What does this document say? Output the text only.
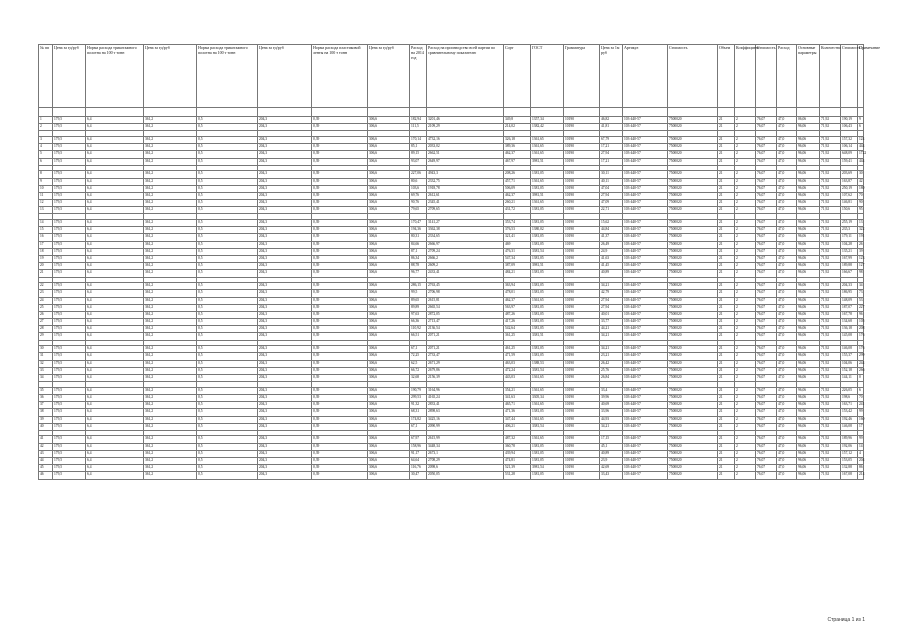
№ пп	Цена за ед/руб	Норма расхода трикотажного полотна на 100 т тонн	Цена за ед/руб	Норма расхода трикотажного полотна на 100 т тонн	Цена за ед/руб	Норма расхода пластиковой ленты на 100 т тонн	Цена за ед/руб	Расход на 2014 год	Расход на производство всей партии по сравнительному показателю	Сорт	ГОСТ	Грамматура	Цена за 1м руб	Артикул	Стоимость	Объем	Коэффициент	Стоимость	Расход	Основные параметры	Количество	Стоимость	Примечание

1	179,5	6,4	361,2	0,5	204,3	0,39	306,6	182,94	3201,46	349,8	1357,34	10190	46,82	103-440-57	7500020	21	2	76,07	47,0	06,06	71,92	190,19	9
2	179,5	6,4	361,2	0,5	204,3	0,39	306,6	111,5	2109,29	214,02	1382,42	10190	41,81	103-440-57	7500020	21	2	76,07	47,0	96,06	71,92	106,43	6

3	179,5	6,4	361,2	0,5	204,3	0,39	306,6	170,14	4732,16	326,18	1361,65	10190	67,79	103-440-57	7500020	21	2	76,07	47,0	96,06	71,92	157,32	124
4	179,5	6,4	361,2	0,5	204,3	0,39	306,6	85,1	2033,02	389,36	1361,65	10190	17,21	103-440-57	7500020	21	2	76,07	47,0	96,06	71,92	106,14	444
5	179,5	6,4	361,2	0,5	204,3	0,39	306,6	89,15	2662,51	462,37	1361,65	10190	27,94	103-440-57	7500020	21	2	76,07	47,0	96,06	71,92	648,09	1722
6	179,5	6,4	361,2	0,5	204,3	0,39	306,6	93,07	2649,97	467,97	3981,51	10190	17,21	103-440-57	7500020	21	2	76,07	47,0	96,06	71,92	159,41	444

8	179,5	6,4	361,2	0,5	204,3	0,39	306,6	227,06	4943,3	208,26	1381,05	10190	30,11	103-440-57	7500020	21	2	76,07	47,0	96,06	71,92	203,69	30
9	179,5	6,4	361,2	0,5	204,3	0,39	306,6	80,6	2332,75	457,71	1361,65	10190	40,11	103-440-57	7500020	21	2	76,07	47,0	96,06	71,92	163,87	42
10	179,5	6,4	361,2	0,5	204,3	0,39	306,6	103,6	1918,78	506,09	1381,05	10190	47,04	103-440-57	7500020	21	2	76,07	47,0	96,06	71,92	250,19	180
11	179,5	6,4	361,2	0,5	204,3	0,39	306,6	69,76	2612,61	462,37	3981,51	10190	27,94	103-440-57	7500020	21	2	76,07	47,0	96,06	71,92	107,62	70
12	179,5	6,4	361,2	0,5	204,3	0,39	306,6	90,76	2345,41	260,21	1361,65	10190	47,09	103-440-57	7500020	21	2	76,07	47,0	96,06	71,92	146,81	90
13	179,5	6,4	361,2	0,5	204,3	0,39	306,6	79,65	2709,65	431,72	1381,05	10190	22,71	103-440-57	7500020	21	2	76,07	47,0	96,06	71,92	150,6	95

14	179,5	6,4	361,2	0,5	204,3	0,39	306,6	170,47	3141,27	353,74	1381,05	10190	15,62	103-440-57	7500020	21	2	76,07	47,0	96,06	71,92	255,19	13
15	179,5	6,4	361,2	0,5	204,3	0,39	306,6	194,36	3362,38	376,53	1380,02	10190	44,84	103-440-57	7500020	21	2	76,07	47,0	96,06	71,92	235,3	322
16	179,5	6,4	361,2	0,5	204,3	0,39	306,6	80,31	2334,65	321,41	1381,05	10190	41,37	103-440-57	7500020	21	2	76,07	47,0	96,06	71,92	179,11	191
17	179,5	6,4	361,2	0,5	204,3	0,39	306,6	84,66	2666,97	469	1381,05	10190	26,49	103-440-57	7500020	21	2	76,07	47,0	96,06	71,92	104,28	26
18	179,5	6,4	361,2	0,5	204,3	0,39	306,6	87,1	2709,24	476,31	3381,54	10190	24,9	103-440-57	7500020	21	2	76,07	47,0	96,06	71,92	135,21	39
19	179,5	6,4	361,2	0,5	204,3	0,39	306,6	86,34	2666,2	547,34	1381,05	10190	41,63	103-440-57	7500020	21	2	76,07	47,0	96,06	71,92	167,99	123
20	179,5	6,4	361,2	0,5	204,3	0,39	306,6	88,78	2609,2	387,09	3981,51	10190	41,45	103-440-57	7500020	21	2	76,07	47,0	96,06	71,92	189,88	127
21	179,5	6,4	361,2	0,5	204,3	0,39	306,6	96,77	2433,41	484,21	1381,05	10190	40,89	103-440-57	7500020	21	2	76,07	47,0	96,06	71,92	166,67	98

22	179,5	6,4	361,2	0,5	204,3	0,39	306,6	286,15	2763,45	363,94	1381,05	10190	34,21	103-440-57	7500020	21	2	76,07	47,0	96,06	71,92	204,33	34
23	179,5	6,4	361,2	0,5	204,3	0,39	306,6	99,5	2706,98	478,01	1381,05	10190	42,79	103-440-57	7500020	21	2	76,07	47,0	96,06	71,92	186,95	73
24	179,5	6,4	361,2	0,5	204,3	0,39	306,6	89,65	2615,81	462,37	1361,65	10190	27,94	103-440-57	7500020	21	2	76,07	47,0	96,06	71,92	148,09	53
25	179,5	6,4	361,2	0,5	204,3	0,39	306,6	89,89	2665,54	563,97	1381,05	10190	27,94	103-440-57	7500020	21	2	76,07	47,0	96,06	71,92	187,07	227
26	179,5	6,4	361,2	0,5	204,3	0,39	306,6	97,63	2872,05	487,26	1381,05	10190	40,01	103-440-57	7500020	21	2	76,07	47,0	96,06	71,92	167,78	96
27	179,5	6,4	361,2	0,5	204,3	0,39	306,6	66,36	2713,47	417,26	1381,05	10190	33,77	103-440-57	7500020	21	2	76,07	47,0	96,06	71,92	134,68	105
28	179,5	6,4	361,2	0,5	204,3	0,39	306,6	110,92	2136,54	542,64	1381,05	10190	44,21	103-440-57	7500020	21	2	76,07	47,0	96,06	71,92	136,18	208
29	179,5	6,4	361,2	0,5	204,3	0,39	306,6	66,51	2071,21	361,25	3381,51	10190	34,21	103-440-57	7500020	21	2	76,07	47,0	96,06	71,92	145,08	176

30	179,5	6,4	361,2	0,5	204,3	0,39	306,6	67,1	2071,21	461,25	1381,05	10190	34,21	103-440-57	7500020	21	2	76,07	47,0	96,06	71,92	146,08	176
31	179,5	6,4	361,2	0,5	204,3	0,39	306,6	72,25	2733,47	471,59	1381,05	10190	23,21	103-440-57	7500020	21	2	76,07	47,0	96,06	71,92	155,37	299
32	179,5	6,4	361,2	0,5	204,3	0,39	306,6	62,5	2671,29	463,03	1388,53	10190	26,42	103-440-57	7500020	21	2	76,07	47,0	96,06	71,92	104,06	244
33	179,5	6,4	361,2	0,5	204,3	0,39	306,6	66,72	2679,86	472,24	3381,54	10190	25,76	103-440-57	7500020	21	2	76,07	47,0	96,06	71,92	152,18	266
34	179,5	6,4	361,2	0,5	204,3	0,39	306,6	32,68	2156,39	443,03	1361,65	10190	26,84	103-440-57	7500020	21	2	76,07	47,0	96,06	71,92	144,11	0

35	179,5	6,4	361,2	0,5	204,3	0,39	306,6	190,79	3164,96	354,21	1361,65	10190	33,4	103-440-57	7500020	21	2	76,07	47,0	96,06	71,92	226,05	6
36	179,5	6,4	361,2	0,5	204,3	0,39	306,6	299,53	4165,24	341,63	3305,34	10190	39,96	103-440-57	7500020	21	2	76,07	47,0	96,06	71,92	198,6	70
37	179,5	6,4	361,2	0,5	204,3	0,39	306,6	91,32	2833,41	465,71	1361,65	10190	40,69	103-440-57	7500020	21	2	76,07	47,0	96,06	71,92	163,71	241
38	179,5	6,4	361,2	0,5	204,3	0,39	306,6	68,31	2898,63	471,36	1381,05	10190	33,96	103-440-57	7500020	21	2	76,07	47,0	96,06	71,92	153,42	99
39	179,5	6,4	361,2	0,5	204,3	0,39	306,6	174,82	3425,16	347,44	1361,65	10190	44,93	103-440-57	7500020	21	2	76,07	47,0	96,06	71,92	192,46	160
40	179,5	6,4	361,2	0,5	204,3	0,39	306,6	67,1	2090,99	406,21	3381,54	10190	34,21	103-440-57	7500020	21	2	76,07	47,0	96,06	71,92	146,08	17

41	179,5	6,4	361,2	0,5	204,3	0,39	306,6	67,97	2615,99	487,32	1361,65	10190	17,15	103-440-57	7500020	21	2	76,07	47,0	96,06	71,92	189,96	99
42	179,5	6,4	361,2	0,5	204,3	0,39	306,6	158,96	3448,34	360,78	1381,05	10190	45,1	103-440-57	7500020	21	2	76,07	47,0	96,06	71,92	192,06	14
43	179,5	6,4	361,2	0,5	204,3	0,39	306,6	91,17	2673,1	439,94	1381,05	10190	40,89	103-440-57	7500020	21	2	76,07	47,0	96,06	71,92	157,12	4
44	179,5	6,4	361,2	0,5	204,3	0,39	306,6	64,64	2708,29	474,81	1381,05	10190	23,9	103-440-57	7500020	21	2	76,07	47,0	96,06	71,92	153,05	204
45	179,5	6,4	361,2	0,5	204,3	0,39	306,6	116,76	2098,6	521,39	3981,54	10190	42,69	103-440-57	7500020	21	2	76,07	47,0	96,06	71,92	132,88	86
46	179,5	6,4	361,2	0,5	204,3	0,39	306,6	30,47	2050,05	531,28	1381,05	10190	33,43	103-440-57	7500020	21	2	76,07	47,0	96,06	71,92	167,08	214
Страница 1 из 1
